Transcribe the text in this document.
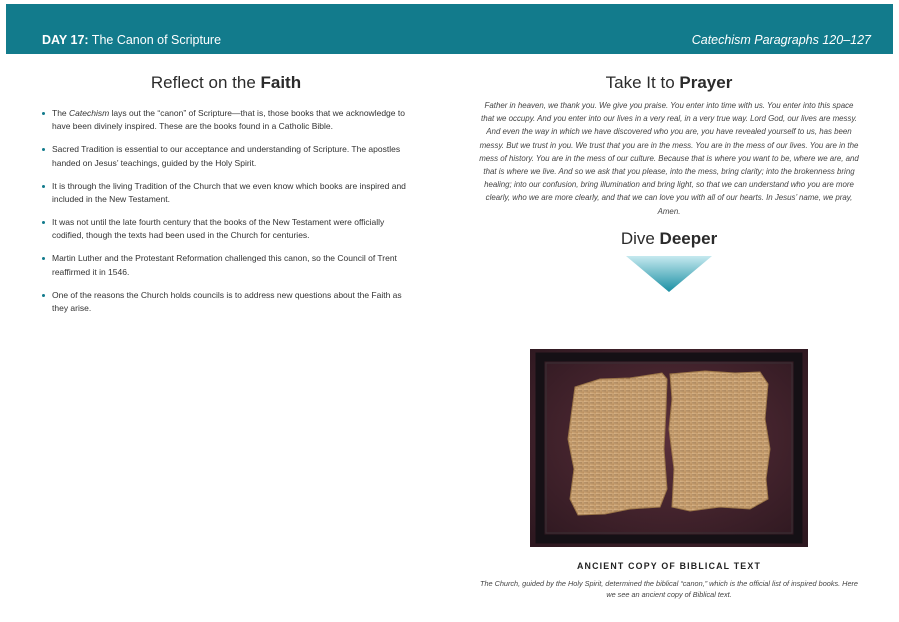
DAY 17: The Canon of Scripture	Catechism Paragraphs 120–127
Reflect on the Faith
The Catechism lays out the “canon” of Scripture—that is, those books that we acknowledge to have been divinely inspired. These are the books found in a Catholic Bible.
Sacred Tradition is essential to our acceptance and understanding of Scripture. The apostles handed on Jesus’ teachings, guided by the Holy Spirit.
It is through the living Tradition of the Church that we even know which books are inspired and included in the New Testament.
It was not until the late fourth century that the books of the New Testament were officially codified, though the texts had been used in the Church for centuries.
Martin Luther and the Protestant Reformation challenged this canon, so the Council of Trent reaffirmed it in 1546.
One of the reasons the Church holds councils is to address new questions about the Faith as they arise.
Take It to Prayer

Father in heaven, we thank you. We give you praise. You enter into time with us. You enter into this space that we occupy. And you enter into our lives in a very real, in a very true way. Lord God, our lives are messy. And even the way in which we have discovered who you are, you have revealed yourself to us, has been messy. But we trust in you. We trust that you are in the mess. You are in the mess of our lives. You are in the mess of history. You are in the mess of our culture. Because that is where you want to be, where we are, and that is where we live. And so we ask that you please, into the mess, bring clarity; into the brokenness bring healing; into our confusion, bring illumination and bring light, so that we can understand who you are more clearly, who we are more clearly, and that we can love you with all of our hearts. In Jesus’ name, we pray, Amen.

Dive Deeper
ANCIENT COPY OF BIBLICAL TEXT
The Church, guided by the Holy Spirit, determined the biblical “canon,” which is the official list of inspired books. Here we see an ancient copy of Biblical text.
